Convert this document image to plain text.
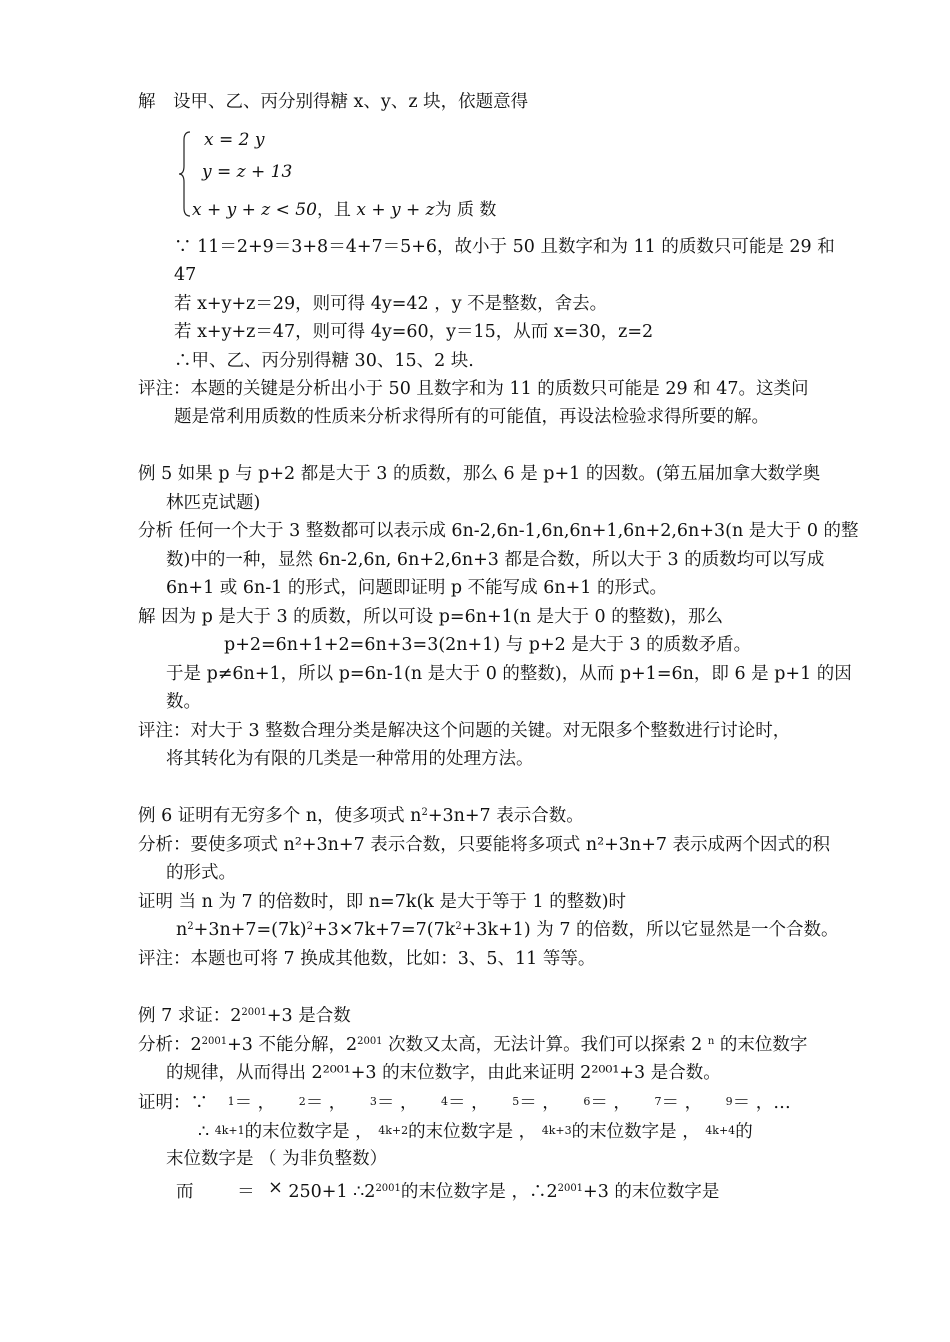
解　设甲、乙、丙分别得糖 x、y、z 块，依题意得
x = 2 y
y = z + 13
x + y + z < 50，且 x + y + z为 质 数
∵ 11＝2+9＝3+8＝4+7＝5+6，故小于 50 且数字和为 11 的质数只可能是 29 和
47
若 x+y+z＝29，则可得 4y=42 ，y 不是整数，舍去。
若 x+y+z＝47，则可得 4y=60，y＝15，从而 x=30，z=2
∴甲、乙、丙分别得糖 30、15、2 块.
评注：本题的关键是分析出小于 50 且数字和为 11 的质数只可能是 29 和 47。这类问
题是常利用质数的性质来分析求得所有的可能值，再设法检验求得所要的解。
例 5 如果 p 与 p+2 都是大于 3 的质数，那么 6 是 p+1 的因数。(第五届加拿大数学奥
林匹克试题)
分析 任何一个大于 3 整数都可以表示成 6n-2,6n-1,6n,6n+1,6n+2,6n+3(n 是大于 0 的整
数)中的一种，显然 6n-2,6n, 6n+2,6n+3 都是合数，所以大于 3 的质数均可以写成
6n+1 或 6n-1 的形式，问题即证明 p 不能写成 6n+1 的形式。
解 因为 p 是大于 3 的质数，所以可设 p=6n+1(n 是大于 0 的整数)，那么
p+2=6n+1+2=6n+3=3(2n+1) 与 p+2 是大于 3 的质数矛盾。
于是 p≠6n+1，所以 p=6n-1(n 是大于 0 的整数)，从而 p+1=6n，即 6 是 p+1 的因
数。
评注：对大于 3 整数合理分类是解决这个问题的关键。对无限多个整数进行讨论时，
将其转化为有限的几类是一种常用的处理方法。
例 6 证明有无穷多个 n，使多项式 $n^2+3n+7$ 表示合数。
分析：要使多项式 n²+3n+7 表示合数，只要能将多项式 n²+3n+7 表示成两个因式的积
的形式。
证明 当 n 为 7 的倍数时，即 n=7k(k 是大于等于 1 的整数)时
$n^2+3n+7=(7k)^2+3\times 7k+7=7(7k^2+3k+1)$ 为 7 的倍数，所以它显然是一个合数。
评注：本题也可将 7 换成其他数，比如：3、5、11 等等。
例 7 求证：$2^{2001}+3$ 是合数
分析：$2^{2001}+3$ 不能分解，$2^{2001}$ 次数又太高，无法计算。我们可以探索 2 $^n$ 的末位数字
的规律，从而得出 2²⁰⁰¹+3 的末位数字，由此来证明 2²⁰⁰¹+3 是合数。
证明：∵ 1＝ ， 2＝ ， 3＝ ， 4＝ ， 5＝ ， 6＝ ， 7＝ ， 9＝ ，…
∴ 4k+1的末位数字是 ， 4k+2的末位数字是 ， 4k+3的末位数字是 ， 4k+4的
末位数字是 （ 为非负整数）
而 ＝ × 250+1 $\therefore 2^{2001}$的末位数字是 ，$\therefore 2^{2001}+3$ 的末位数字是
